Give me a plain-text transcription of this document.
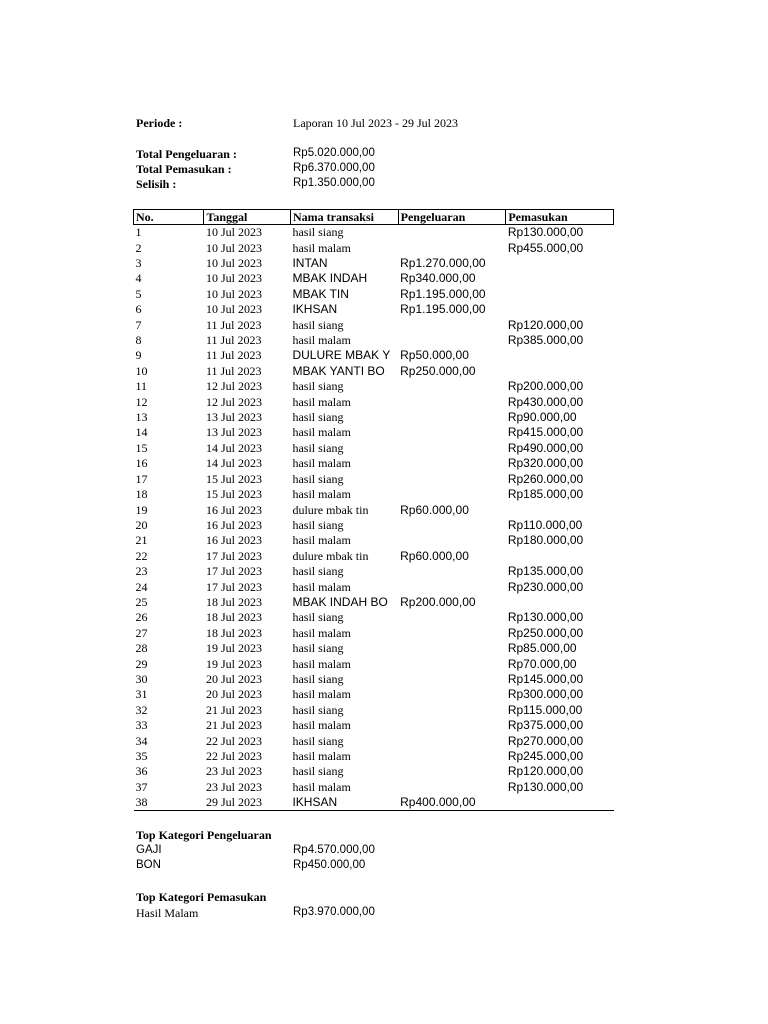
Periode :	Laporan 10 Jul 2023 - 29 Jul 2023
Total Pengeluaran :	Rp5.020.000,00
Total Pemasukan :	Rp6.370.000,00
Selisih :	Rp1.350.000,00
No.	Tanggal	Nama transaksi	Pengeluaran	Pemasukan
1	10 Jul 2023	hasil siang		Rp130.000,00
2	10 Jul 2023	hasil malam		Rp455.000,00
3	10 Jul 2023	INTAN	Rp1.270.000,00	
4	10 Jul 2023	MBAK INDAH	Rp340.000,00	
5	10 Jul 2023	MBAK TIN	Rp1.195.000,00	
6	10 Jul 2023	IKHSAN	Rp1.195.000,00	
7	11 Jul 2023	hasil siang		Rp120.000,00
8	11 Jul 2023	hasil malam		Rp385.000,00
9	11 Jul 2023	DULURE MBAK Y	Rp50.000,00	
10	11 Jul 2023	MBAK YANTI BO	Rp250.000,00	
11	12 Jul 2023	hasil siang		Rp200.000,00
12	12 Jul 2023	hasil malam		Rp430.000,00
13	13 Jul 2023	hasil siang		Rp90.000,00
14	13 Jul 2023	hasil malam		Rp415.000,00
15	14 Jul 2023	hasil siang		Rp490.000,00
16	14 Jul 2023	hasil malam		Rp320.000,00
17	15 Jul 2023	hasil siang		Rp260.000,00
18	15 Jul 2023	hasil malam		Rp185.000,00
19	16 Jul 2023	dulure mbak tin	Rp60.000,00	
20	16 Jul 2023	hasil siang		Rp110.000,00
21	16 Jul 2023	hasil malam		Rp180.000,00
22	17 Jul 2023	dulure mbak tin	Rp60.000,00	
23	17 Jul 2023	hasil siang		Rp135.000,00
24	17 Jul 2023	hasil malam		Rp230.000,00
25	18 Jul 2023	MBAK INDAH BO	Rp200.000,00	
26	18 Jul 2023	hasil siang		Rp130.000,00
27	18 Jul 2023	hasil malam		Rp250.000,00
28	19 Jul 2023	hasil siang		Rp85.000,00
29	19 Jul 2023	hasil malam		Rp70.000,00
30	20 Jul 2023	hasil siang		Rp145.000,00
31	20 Jul 2023	hasil malam		Rp300.000,00
32	21 Jul 2023	hasil siang		Rp115.000,00
33	21 Jul 2023	hasil malam		Rp375.000,00
34	22 Jul 2023	hasil siang		Rp270.000,00
35	22 Jul 2023	hasil malam		Rp245.000,00
36	23 Jul 2023	hasil siang		Rp120.000,00
37	23 Jul 2023	hasil malam		Rp130.000,00
38	29 Jul 2023	IKHSAN	Rp400.000,00	
Top Kategori Pengeluaran
GAJI	Rp4.570.000,00
BON	Rp450.000,00
Top Kategori Pemasukan
Hasil Malam	Rp3.970.000,00
